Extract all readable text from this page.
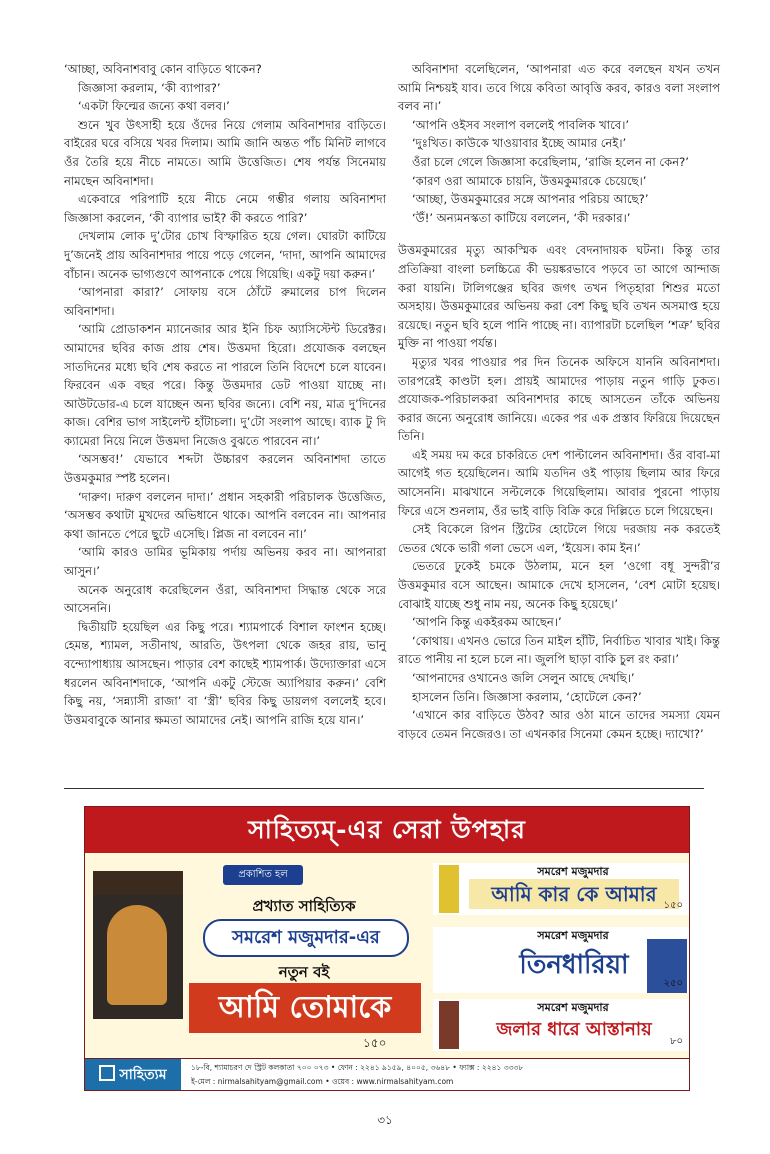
‘আচ্ছা, অবিনাশবাবু কোন বাড়িতে থাকেন?

জিজ্ঞাসা করলাম, ‘কী ব্যাপার?’

‘একটা ফিল্মের জন্যে কথা বলব।’

শুনে খুব উৎসাহী হয়ে ওঁদের নিয়ে গেলাম অবিনাশদার বাড়িতে। বাইরের ঘরে বসিয়ে খবর দিলাম। আমি জানি অন্তত পাঁচ মিনিট লাগবে ওঁর তৈরি হয়ে নীচে নামতে। আমি উত্তেজিত। শেষ পর্যন্ত সিনেমায় নামছেন অবিনাশদা।

একেবারে পরিপাটি হয়ে নীচে নেমে গম্ভীর গলায় অবিনাশদা জিজ্ঞাসা করলেন, ‘কী ব্যাপার ভাই? কী করতে পারি?’

দেখলাম লোক দু’টোর চোখ বিস্ফারিত হয়ে গেল। ঘোরটা কাটিয়ে দু’জনেই প্রায় অবিনাশদার পায়ে পড়ে গেলেন, ‘দাদা, আপনি আমাদের বাঁচান। অনেক ভাগ্যগুণে আপনাকে পেয়ে গিয়েছি। একটু দয়া করুন।’

‘আপনারা কারা?’ সোফায় বসে ঠোঁটে রুমালের চাপ দিলেন অবিনাশদা।

‘আমি প্রোডাকশন ম্যানেজার আর ইনি চিফ অ্যাসিস্টেন্ট ডিরেক্টর। আমাদের ছবির কাজ প্রায় শেষ। উত্তমদা হিরো। প্রযোজক বলছেন সাতদিনের মধ্যে ছবি শেষ করতে না পারলে তিনি বিদেশে চলে যাবেন। ফিরবেন এক বছর পরে। কিন্তু উত্তমদার ডেট পাওয়া যাচ্ছে না। আউটডোর-এ চলে যাচ্ছেন অন্য ছবির জন্যে। বেশি নয়, মাত্র দু’দিনের কাজ। বেশির ভাগ সাইলেন্ট হাঁটাচলা। দু’টো সংলাপ আছে। ব্যাক টু দি ক্যামেরা নিয়ে নিলে উত্তমদা নিজেও বুঝতে পারবেন না।’

‘অসম্ভব!’ যেভাবে শব্দটা উচ্চারণ করলেন অবিনাশদা তাতে উত্তমকুমার স্পষ্ট হলেন।

‘দারুণ। দারুণ বললেন দাদা।’ প্রধান সহকারী পরিচালক উত্তেজিত, ‘অসম্ভব কথাটা মুখদের অভিধানে থাকে। আপনি বলবেন না। আপনার কথা জানতে পেরে ছুটে এসেছি। প্লিজ না বলবেন না।’

‘আমি কারও ডামির ভূমিকায় পর্দায় অভিনয় করব না। আপনারা আসুন।’

অনেক অনুরোধ করেছিলেন ওঁরা, অবিনাশদা সিদ্ধান্ত থেকে সরে আসেননি।

দ্বিতীয়টি হয়েছিল এর কিছু পরে। শ্যামপার্কে বিশাল ফাংশন হচ্ছে। হেমন্ত, শ্যামল, সতীনাথ, আরতি, উৎপলা থেকে জহর রায়, ভানু বন্দ্যোপাধ্যায় আসছেন। পাড়ার বেশ কাছেই শ্যামপার্ক। উদ্যোক্তারা এসে ধরলেন অবিনাশদাকে, ‘আপনি একটু স্টেজে অ্যাপিয়ার করুন।’ বেশি কিছু নয়, ‘সন্ন্যাসী রাজা’ বা ‘স্ত্রী’ ছবির কিছু ডায়লগ বললেই হবে। উত্তমবাবুকে আনার ক্ষমতা আমাদের নেই। আপনি রাজি হয়ে যান।’

অবিনাশদা বলেছিলেন, ‘আপনারা এত করে বলছেন যখন তখন আমি নিশ্চয়ই যাব। তবে গিয়ে কবিতা আবৃত্তি করব, কারও বলা সংলাপ বলব না।’

‘আপনি ওইসব সংলাপ বললেই পাবলিক খাবে।’

‘দুঃখিত। কাউকে খাওয়াবার ইচ্ছে আমার নেই।’

ওঁরা চলে গেলে জিজ্ঞাসা করেছিলাম, ‘রাজি হলেন না কেন?’

‘কারণ ওরা আমাকে চায়নি, উত্তমকুমারকে চেয়েছে।’

‘আচ্ছা, উত্তমকুমারের সঙ্গে আপনার পরিচয় আছে?’

‘উঁ!’ অন্যমনস্কতা কাটিয়ে বললেন, ‘কী দরকার।’

উত্তমকুমারের মৃত্যু আকস্মিক এবং বেদনাদায়ক ঘটনা। কিন্তু তার প্রতিক্রিয়া বাংলা চলচ্চিত্রে কী ভয়ঙ্করভাবে পড়বে তা আগে আন্দাজ করা যায়নি। টালিগঞ্জের ছবির জগৎ তখন পিতৃহারা শিশুর মতো অসহায়। উত্তমকুমারের অভিনয় করা বেশ কিছু ছবি তখন অসমাপ্ত হয়ে রয়েছে। নতুন ছবি হলে পানি পাচ্ছে না। ব্যাপারটা চলেছিল ‘শত্রু’ ছবির মুক্তি না পাওয়া পর্যন্ত।

মৃত্যুর খবর পাওয়ার পর দিন তিনেক অফিসে যাননি অবিনাশদা। তারপরেই কাণ্ডটা হল। প্রায়ই আমাদের পাড়ায় নতুন গাড়ি ঢুকত। প্রযোজক-পরিচালকরা অবিনাশদার কাছে আসতেন তাঁকে অভিনয় করার জন্যে অনুরোধ জানিয়ে। একের পর এক প্রস্তাব ফিরিয়ে দিয়েছেন তিনি।

এই সময় দম করে চাকরিতে দেশ পাল্টালেন অবিনাশদা। ওঁর বাবা-মা আগেই গত হয়েছিলেন। আমি যতদিন ওই পাড়ায় ছিলাম আর ফিরে আসেননি। মাঝখানে সল্টলেকে গিয়েছিলাম। আবার পুরনো পাড়ায় ফিরে এসে শুনলাম, ওঁর ভাই বাড়ি বিক্রি করে দিল্লিতে চলে গিয়েছেন।

সেই বিকেলে রিপন স্ট্রিটের হোটেলে গিয়ে দরজায় নক করতেই ভেতর থেকে ভারী গলা ভেসে এল, ‘ইয়েস। কাম ইন।’

ভেতরে ঢুকেই চমকে উঠলাম, মনে হল ‘ওগো বধূ সুন্দরী’র উত্তমকুমার বসে আছেন। আমাকে দেখে হাসলেন, ‘বেশ মোটা হয়েছ। বোঝাই যাচ্ছে শুধু নাম নয়, অনেক কিছু হয়েছে।’

‘আপনি কিন্তু একইরকম আছেন।’

‘কোথায়। এখনও ভোরে তিন মাইল হাঁটি, নির্বাচিত খাবার খাই। কিন্তু রাতে পানীয় না হলে চলে না। জুলপি ছাড়া বাকি চুল রং করা।’

‘আপনাদের ওখানেও জলি সেলুন আছে দেখছি।’

হাসলেন তিনি। জিজ্ঞাসা করলাম, ‘হোটেলে কেন?’

‘এখানে কার বাড়িতে উঠব? আর ওঠা মানে তাদের সমস্যা যেমন বাড়বে তেমন নিজেরও। তা এখনকার সিনেমা কেমন হচ্ছে। দ্যাখো?’

সাহিত্যম্‌-এর সেরা উপহার
প্রকাশিত হল
প্রখ্যাত সাহিত্যিক
সমরেশ মজুমদার-এর
নতুন বই
আমি তোমাকে
১৫০
সমরেশ মজুমদার
আমি কার কে আমার ১৫০
সমরেশ মজুমদার
তিনধারিয়া
২৫০
সমরেশ মজুমদার
জলার ধারে আস্তানায়
৮০
সাহিত্যম	১৮-বি, শ্যামাচরণ দে স্ট্রিট কলকাতা ৭০০ ০৭৩ • ফোন : ২২৪১ ৯১৫৯, ৪০০৫, ৩৬৪৮ • ফ্যাক্স : ২২৪১ ৩৩৩৮
ই-মেল : nirmalsahityam@gmail.com • ওয়েব : www.nirmalsahityam.com
৩১
